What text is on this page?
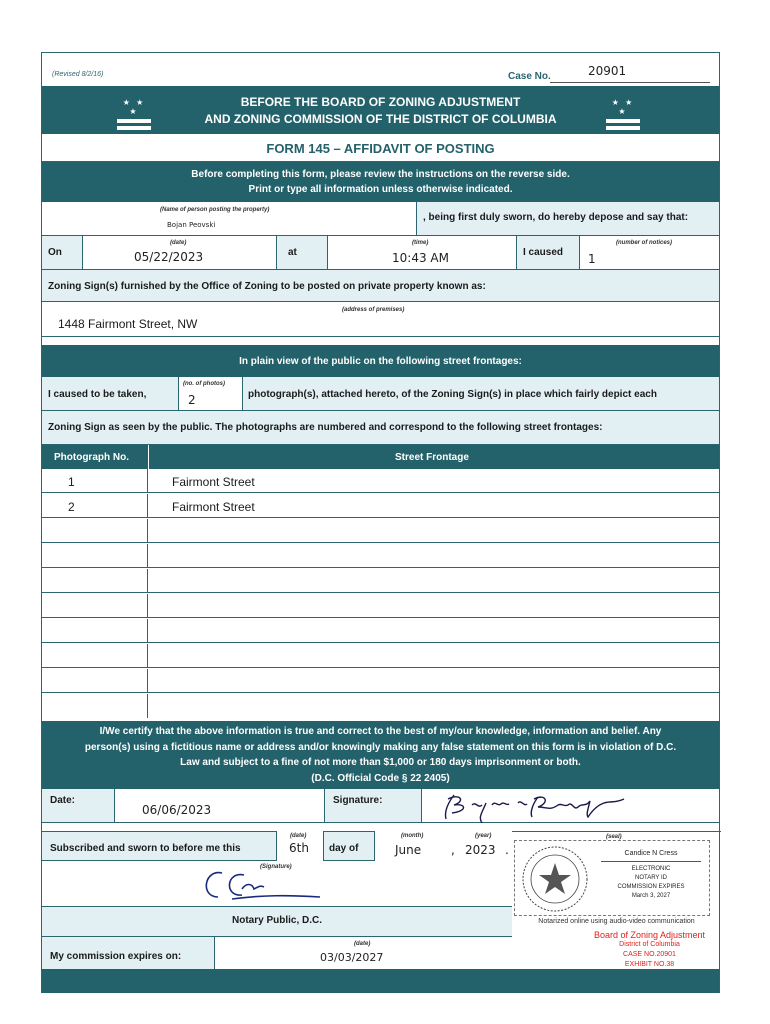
(Revised 8/2/16)	Case No.	20901
★ ★ ★
BEFORE THE BOARD OF ZONING ADJUSTMENT
AND ZONING COMMISSION OF THE DISTRICT OF COLUMBIA
★ ★ ★
FORM 145 – AFFIDAVIT OF POSTING
Before completing this form, please review the instructions on the reverse side.
Print or type all information unless otherwise indicated.
(Name of person posting the property)
Bojan Peovski
, being first duly sworn, do hereby depose and say that:
On
(date)
05/22/2023	at
(time)
10:43 AM	I caused
(number of notices)
1
Zoning Sign(s) furnished by the Office of Zoning to be posted on private property known as:
(address of premises)
1448 Fairmont Street, NW
In plain view of the public on the following street frontages:
I caused to be taken,
(no. of photos)
2	photograph(s), attached hereto, of the Zoning Sign(s) in place which fairly depict each
Zoning Sign as seen by the public. The photographs are numbered and correspond to the following street frontages:
Photograph No.	Street Frontage
1	Fairmont Street
2	Fairmont Street
I/We certify that the above information is true and correct to the best of my/our knowledge, information and belief. Any
person(s) using a fictitious name or address and/or knowingly making any false statement on this form is in violation of D.C.
Law and subject to a fine of not more than $1,000 or 180 days imprisonment or both.
(D.C. Official Code § 22 2405)
Date:
06/06/2023
Signature:
Subscribed and sworn to before me this
(date)
6th day of
(month)
June
(year)
, 2023 .
(Signature)
Notary Public, D.C.
My commission expires on:
(date)
03/03/2027
(seal)
Candice N Cress
ELECTRONIC
NOTARY ID
COMMISSION EXPIRES
March 3, 2027
Notarized online using audio-video communication
Board of Zoning Adjustment
District of Columbia
CASE NO.20901
EXHIBIT NO.38
